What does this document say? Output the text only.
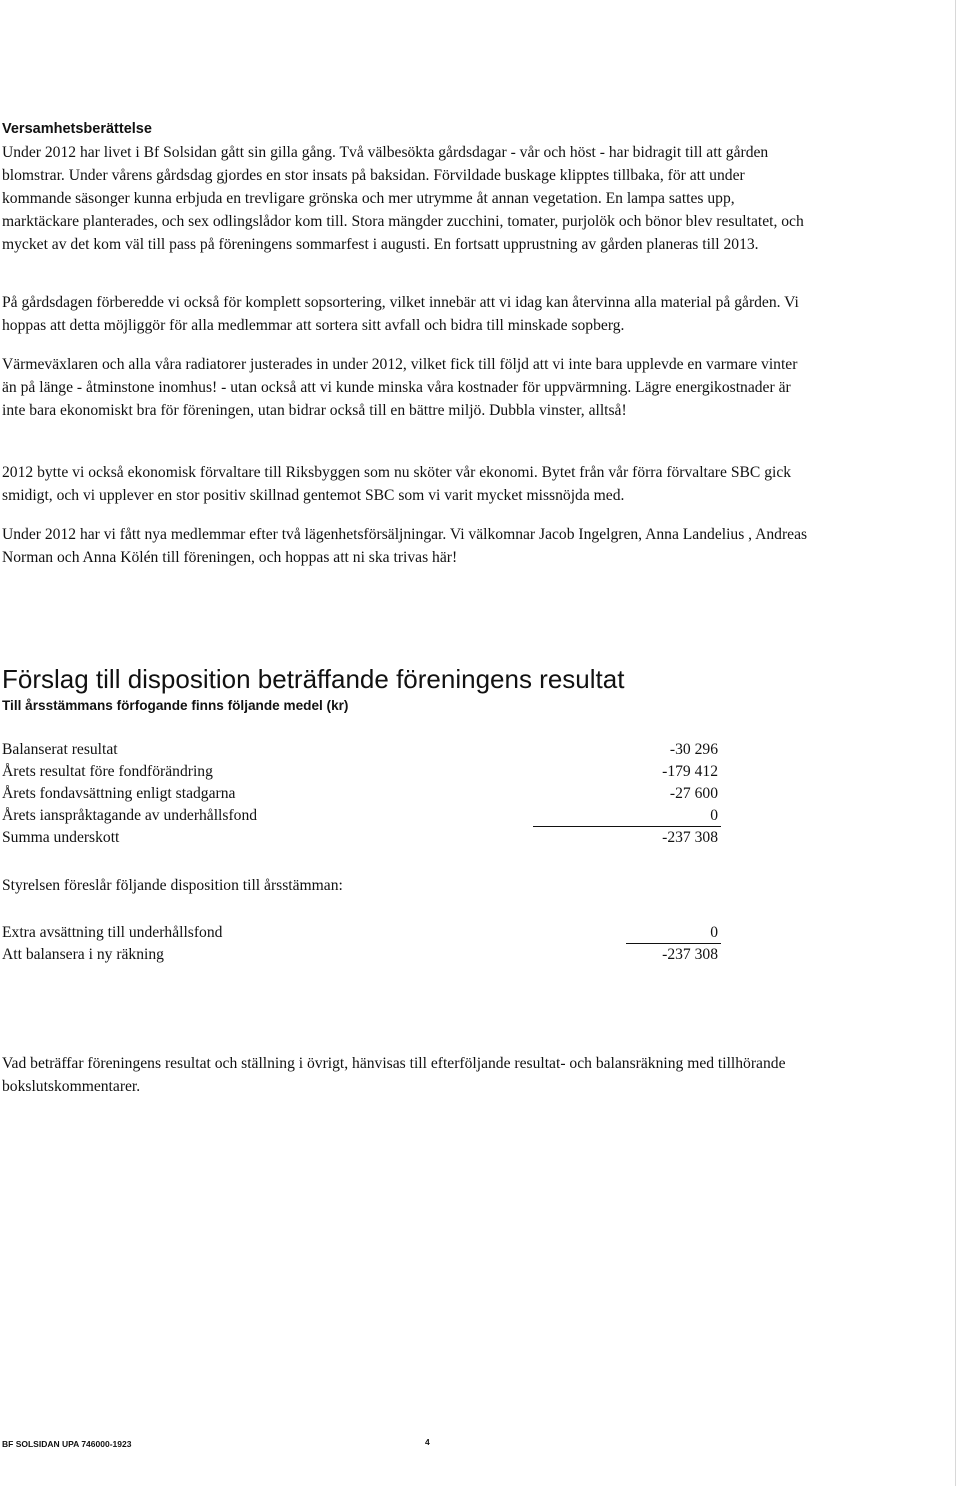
Versamhetsberättelse

Under 2012 har livet i Bf Solsidan gått sin gilla gång. Två välbesökta gårdsdagar - vår och höst - har bidragit till att gården blomstrar. Under vårens gårdsdag gjordes en stor insats på baksidan. Förvildade buskage klipptes tillbaka, för att under kommande säsonger kunna erbjuda en trevligare grönska och mer utrymme åt annan vegetation. En lampa sattes upp, marktäckare planterades, och sex odlingslådor kom till. Stora mängder zucchini, tomater, purjolök och bönor blev resultatet, och mycket av det kom väl till pass på föreningens sommarfest i augusti. En fortsatt upprustning av gården planeras till 2013.

På gårdsdagen förberedde vi också för komplett sopsortering, vilket innebär att vi idag kan återvinna alla material på gården. Vi hoppas att detta möjliggör för alla medlemmar att sortera sitt avfall och bidra till minskade sopberg.

Värmeväxlaren och alla våra radiatorer justerades in under 2012, vilket fick till följd att vi inte bara upplevde en varmare vinter än på länge - åtminstone inomhus! - utan också att vi kunde minska våra kostnader för uppvärmning. Lägre energikostnader är inte bara ekonomiskt bra för föreningen, utan bidrar också till en bättre miljö. Dubbla vinster, alltså!

2012 bytte vi också ekonomisk förvaltare till Riksbyggen som nu sköter vår ekonomi. Bytet från vår förra förvaltare SBC gick smidigt, och vi upplever en stor positiv skillnad gentemot SBC som vi varit mycket missnöjda med.

Under 2012 har vi fått nya medlemmar efter två lägenhetsförsäljningar. Vi välkomnar Jacob Ingelgren, Anna Landelius , Andreas Norman och Anna Kölén till föreningen, och hoppas att ni ska trivas här!

Förslag till disposition beträffande föreningens resultat
Till årsstämmans förfogande finns följande medel (kr)
Balanserat resultat	-30 296
Årets resultat före fondförändring	-179 412
Årets fondavsättning enligt stadgarna	-27 600
Årets ianspråktagande av underhållsfond	0
Summa underskott	-237 308

Styrelsen föreslår följande disposition till årsstämman:

Extra avsättning till underhållsfond	0
Att balansera i ny räkning	-237 308

Vad beträffar föreningens resultat och ställning i övrigt, hänvisas till efterföljande resultat- och balansräkning med tillhörande bokslutskommentarer.

BF SOLSIDAN UPA 746000-1923	4
